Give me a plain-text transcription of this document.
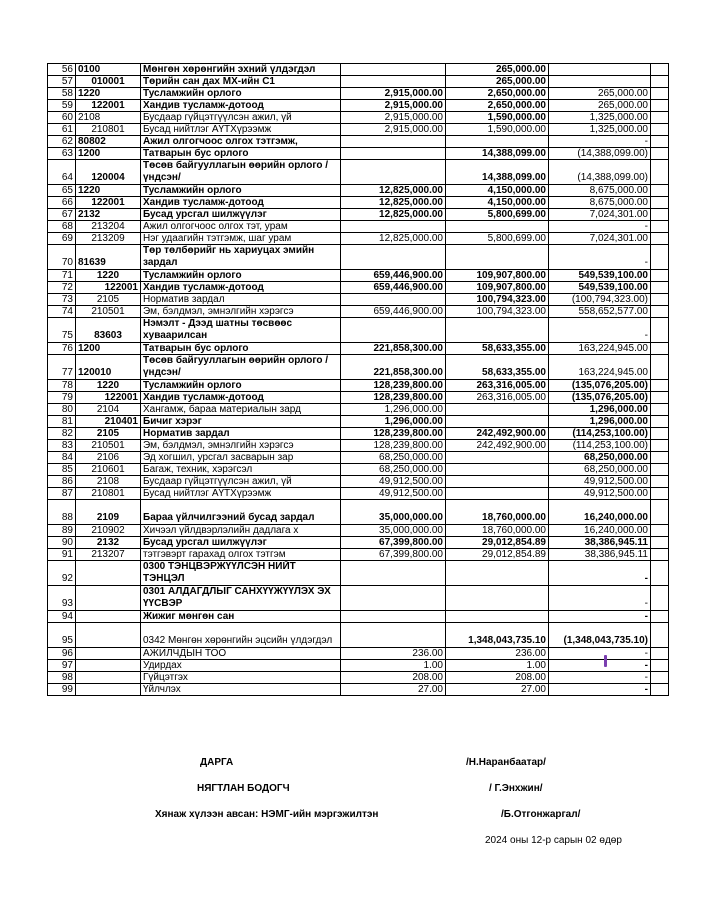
56	0100	Мөнгөн хөрөнгийн эхний үлдэгдэл		265,000.00		
57	010001	Төрийн сан дах МХ-ийн С1		265,000.00		
58	1220	Тусламжийн орлого	2,915,000.00	2,650,000.00	265,000.00	
59	122001	Хандив тусламж-дотоод	2,915,000.00	2,650,000.00	265,000.00	
60	2108	Бусдаар гүйцэтгүүлсэн ажил, үй	2,915,000.00	1,590,000.00	1,325,000.00	
61	210801	Бусад нийтлэг АҮТХүрээмж	2,915,000.00	1,590,000.00	1,325,000.00	
62	80802	Ажил олгогчоос олгох тэтгэмж,			-	
63	1200	Татварын бус орлого		14,388,099.00	(14,388,099.00)	
64	120004	Төсөв байгууллагын өөрийн орлого /үндсэн/		14,388,099.00	(14,388,099.00)	
65	1220	Тусламжийн орлого	12,825,000.00	4,150,000.00	8,675,000.00	
66	122001	Хандив тусламж-дотоод	12,825,000.00	4,150,000.00	8,675,000.00	
67	2132	Бусад урсгал шилжүүлэг	12,825,000.00	5,800,699.00	7,024,301.00	
68	213204	Ажил олгогчоос олгох тэт, урам			-	
69	213209	Нэг удаагийн тэтгэмж, шаг урам	12,825,000.00	5,800,699.00	7,024,301.00	
70	81639	Төр төлбөрийг нь хариуцах эмийн зардал			-	
71	1220	Тусламжийн орлого	659,446,900.00	109,907,800.00	549,539,100.00	
72	122001	Хандив тусламж-дотоод	659,446,900.00	109,907,800.00	549,539,100.00	
73	2105	Норматив зардал		100,794,323.00	(100,794,323.00)	
74	210501	Эм, бэлдмэл, эмнэлгийн хэрэгсэ	659,446,900.00	100,794,323.00	558,652,577.00	
75	83603	Нэмэлт - Дээд шатны төсвөөс хуваарилсан			-	
76	1200	Татварын бус орлого	221,858,300.00	58,633,355.00	163,224,945.00	
77	120010	Төсөв байгууллагын өөрийн орлого /үндсэн/	221,858,300.00	58,633,355.00	163,224,945.00	
78	1220	Тусламжийн орлого	128,239,800.00	263,316,005.00	(135,076,205.00)	
79	122001	Хандив тусламж-дотоод	128,239,800.00	263,316,005.00	(135,076,205.00)	
80	2104	Хангамж, бараа материалын зард	1,296,000.00		1,296,000.00	
81	210401	Бичиг хэрэг	1,296,000.00		1,296,000.00	
82	2105	Норматив зардал	128,239,800.00	242,492,900.00	(114,253,100.00)	
83	210501	Эм, бэлдмэл, эмнэлгийн хэрэгсэ	128,239,800.00	242,492,900.00	(114,253,100.00)	
84	2106	Эд хогшил, урсгал засварын зар	68,250,000.00		68,250,000.00	
85	210601	Багаж, техник, хэрэгсэл	68,250,000.00		68,250,000.00	
86	2108	Бусдаар гүйцэтгүүлсэн ажил, үй	49,912,500.00		49,912,500.00	
87	210801	Бусад нийтлэг АҮТХүрээмж	49,912,500.00		49,912,500.00	
88	2109	Бараа үйлчилгээний бусад зардал	35,000,000.00	18,760,000.00	16,240,000.00	
89	210902	Хичээл үйлдвэрлэлийн дадлага х	35,000,000.00	18,760,000.00	16,240,000.00	
90	2132	Бусад урсгал шилжүүлэг	67,399,800.00	29,012,854.89	38,386,945.11	
91	213207	тэтгэвэрт гарахад олгох тэтгэм	67,399,800.00	29,012,854.89	38,386,945.11	
92		0300 ТЭНЦВЭРЖҮҮЛСЭН НИЙТ ТЭНЦЭЛ			-	
93		0301 АЛДАГДЛЫГ САНХҮҮЖҮҮЛЭХ ЭХ ҮҮСВЭР			-	
94		Жижиг мөнгөн сан			-	
95		0342 Мөнгөн хөрөнгийн эцсийн үлдэгдэл		1,348,043,735.10	(1,348,043,735.10)	
96		АЖИЛЧДЫН ТОО	236.00	236.00	-	
97		Удирдах	1.00	1.00	-	
98		Гүйцэтгэх	208.00	208.00	-	
99		Үйлчлэх	27.00	27.00	-	
ДАРГА	/Н.Наранбаатар/
НЯГТЛАН БОДОГЧ	/ Г.Энхжин/
Хянаж хүлээн авсан: НЭМГ-ийн мэргэжилтэн	/Б.Отгонжаргал/
2024 оны 12-р сарын 02 өдөр
